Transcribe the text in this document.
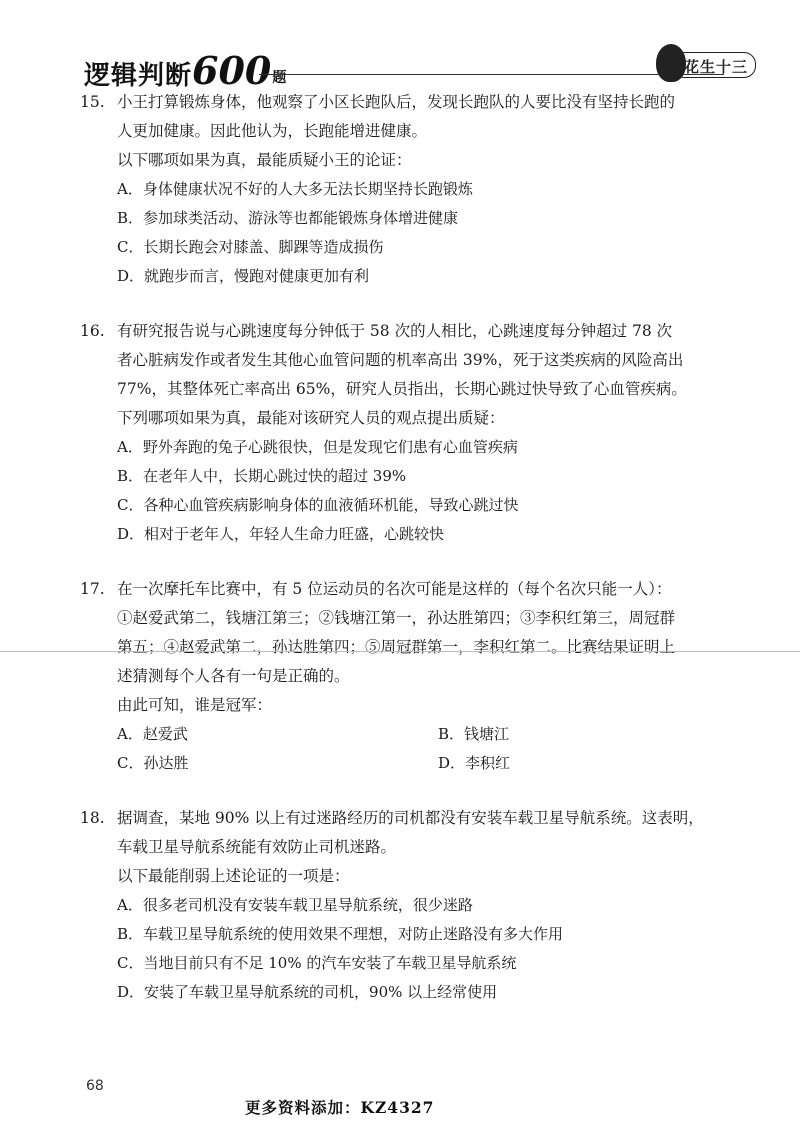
逻辑判断600题
花生十三
15. 小王打算锻炼身体，他观察了小区长跑队后，发现长跑队的人要比没有坚持长跑的
人更加健康。因此他认为，长跑能增进健康。
以下哪项如果为真，最能质疑小王的论证：
A．身体健康状况不好的人大多无法长期坚持长跑锻炼
B．参加球类活动、游泳等也都能锻炼身体增进健康
C．长期长跑会对膝盖、脚踝等造成损伤
D．就跑步而言，慢跑对健康更加有利
16. 有研究报告说与心跳速度每分钟低于 58 次的人相比，心跳速度每分钟超过 78 次
者心脏病发作或者发生其他心血管问题的机率高出 39%，死于这类疾病的风险高出
77%，其整体死亡率高出 65%，研究人员指出，长期心跳过快导致了心血管疾病。
下列哪项如果为真，最能对该研究人员的观点提出质疑：
A．野外奔跑的兔子心跳很快，但是发现它们患有心血管疾病
B．在老年人中，长期心跳过快的超过 39%
C．各种心血管疾病影响身体的血液循环机能，导致心跳过快
D．相对于老年人，年轻人生命力旺盛，心跳较快
17. 在一次摩托车比赛中，有 5 位运动员的名次可能是这样的（每个名次只能一人）：
①赵爱武第二，钱塘江第三；②钱塘江第一，孙达胜第四；③李积红第三，周冠群
第五；④赵爱武第二，孙达胜第四；⑤周冠群第一，李积红第二。比赛结果证明上
述猜测每个人各有一句是正确的。
由此可知，谁是冠军：
A．赵爱武	B．钱塘江
C．孙达胜	D．李积红
18. 据调查，某地 90% 以上有过迷路经历的司机都没有安装车载卫星导航系统。这表明，
车载卫星导航系统能有效防止司机迷路。
以下最能削弱上述论证的一项是：
A．很多老司机没有安装车载卫星导航系统，很少迷路
B．车载卫星导航系统的使用效果不理想，对防止迷路没有多大作用
C．当地目前只有不足 10% 的汽车安装了车载卫星导航系统
D．安装了车载卫星导航系统的司机，90% 以上经常使用
68
更多资料添加：KZ4327
